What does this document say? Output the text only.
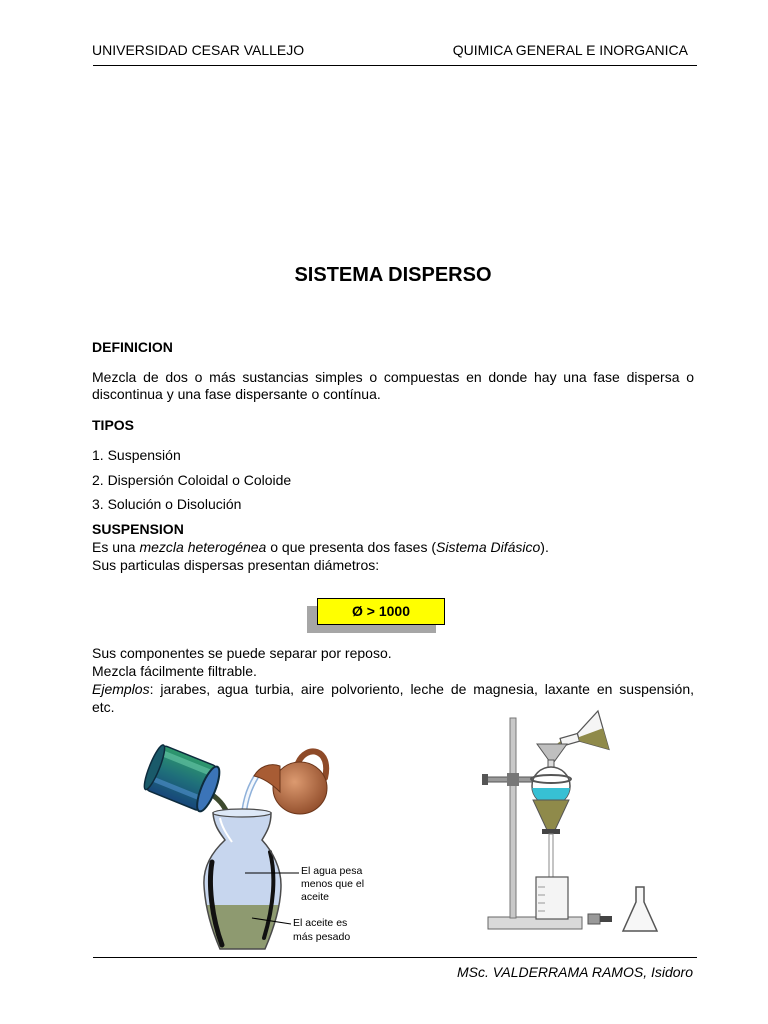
UNIVERSIDAD CESAR VALLEJO	QUIMICA GENERAL E INORGANICA
SISTEMA DISPERSO
DEFINICION
Mezcla de dos o más sustancias simples o compuestas en donde hay una fase dispersa o
discontinua y una fase dispersante o contínua.
TIPOS
1. Suspensión
2. Dispersión Coloidal o Coloide
3. Solución o Disolución
SUSPENSION
Es una mezcla heterogénea o que presenta dos fases (Sistema Difásico).
Sus particulas dispersas presentan diámetros:
Ø > 1000
Sus componentes se puede separar por reposo.
Mezcla fácilmente filtrable.
Ejemplos: jarabes, agua turbia, aire polvoriento, leche de magnesia, laxante en suspensión,
etc.
El agua pesa
menos que el
aceite
El aceite es
más pesado
MSc. VALDERRAMA RAMOS, Isidoro
